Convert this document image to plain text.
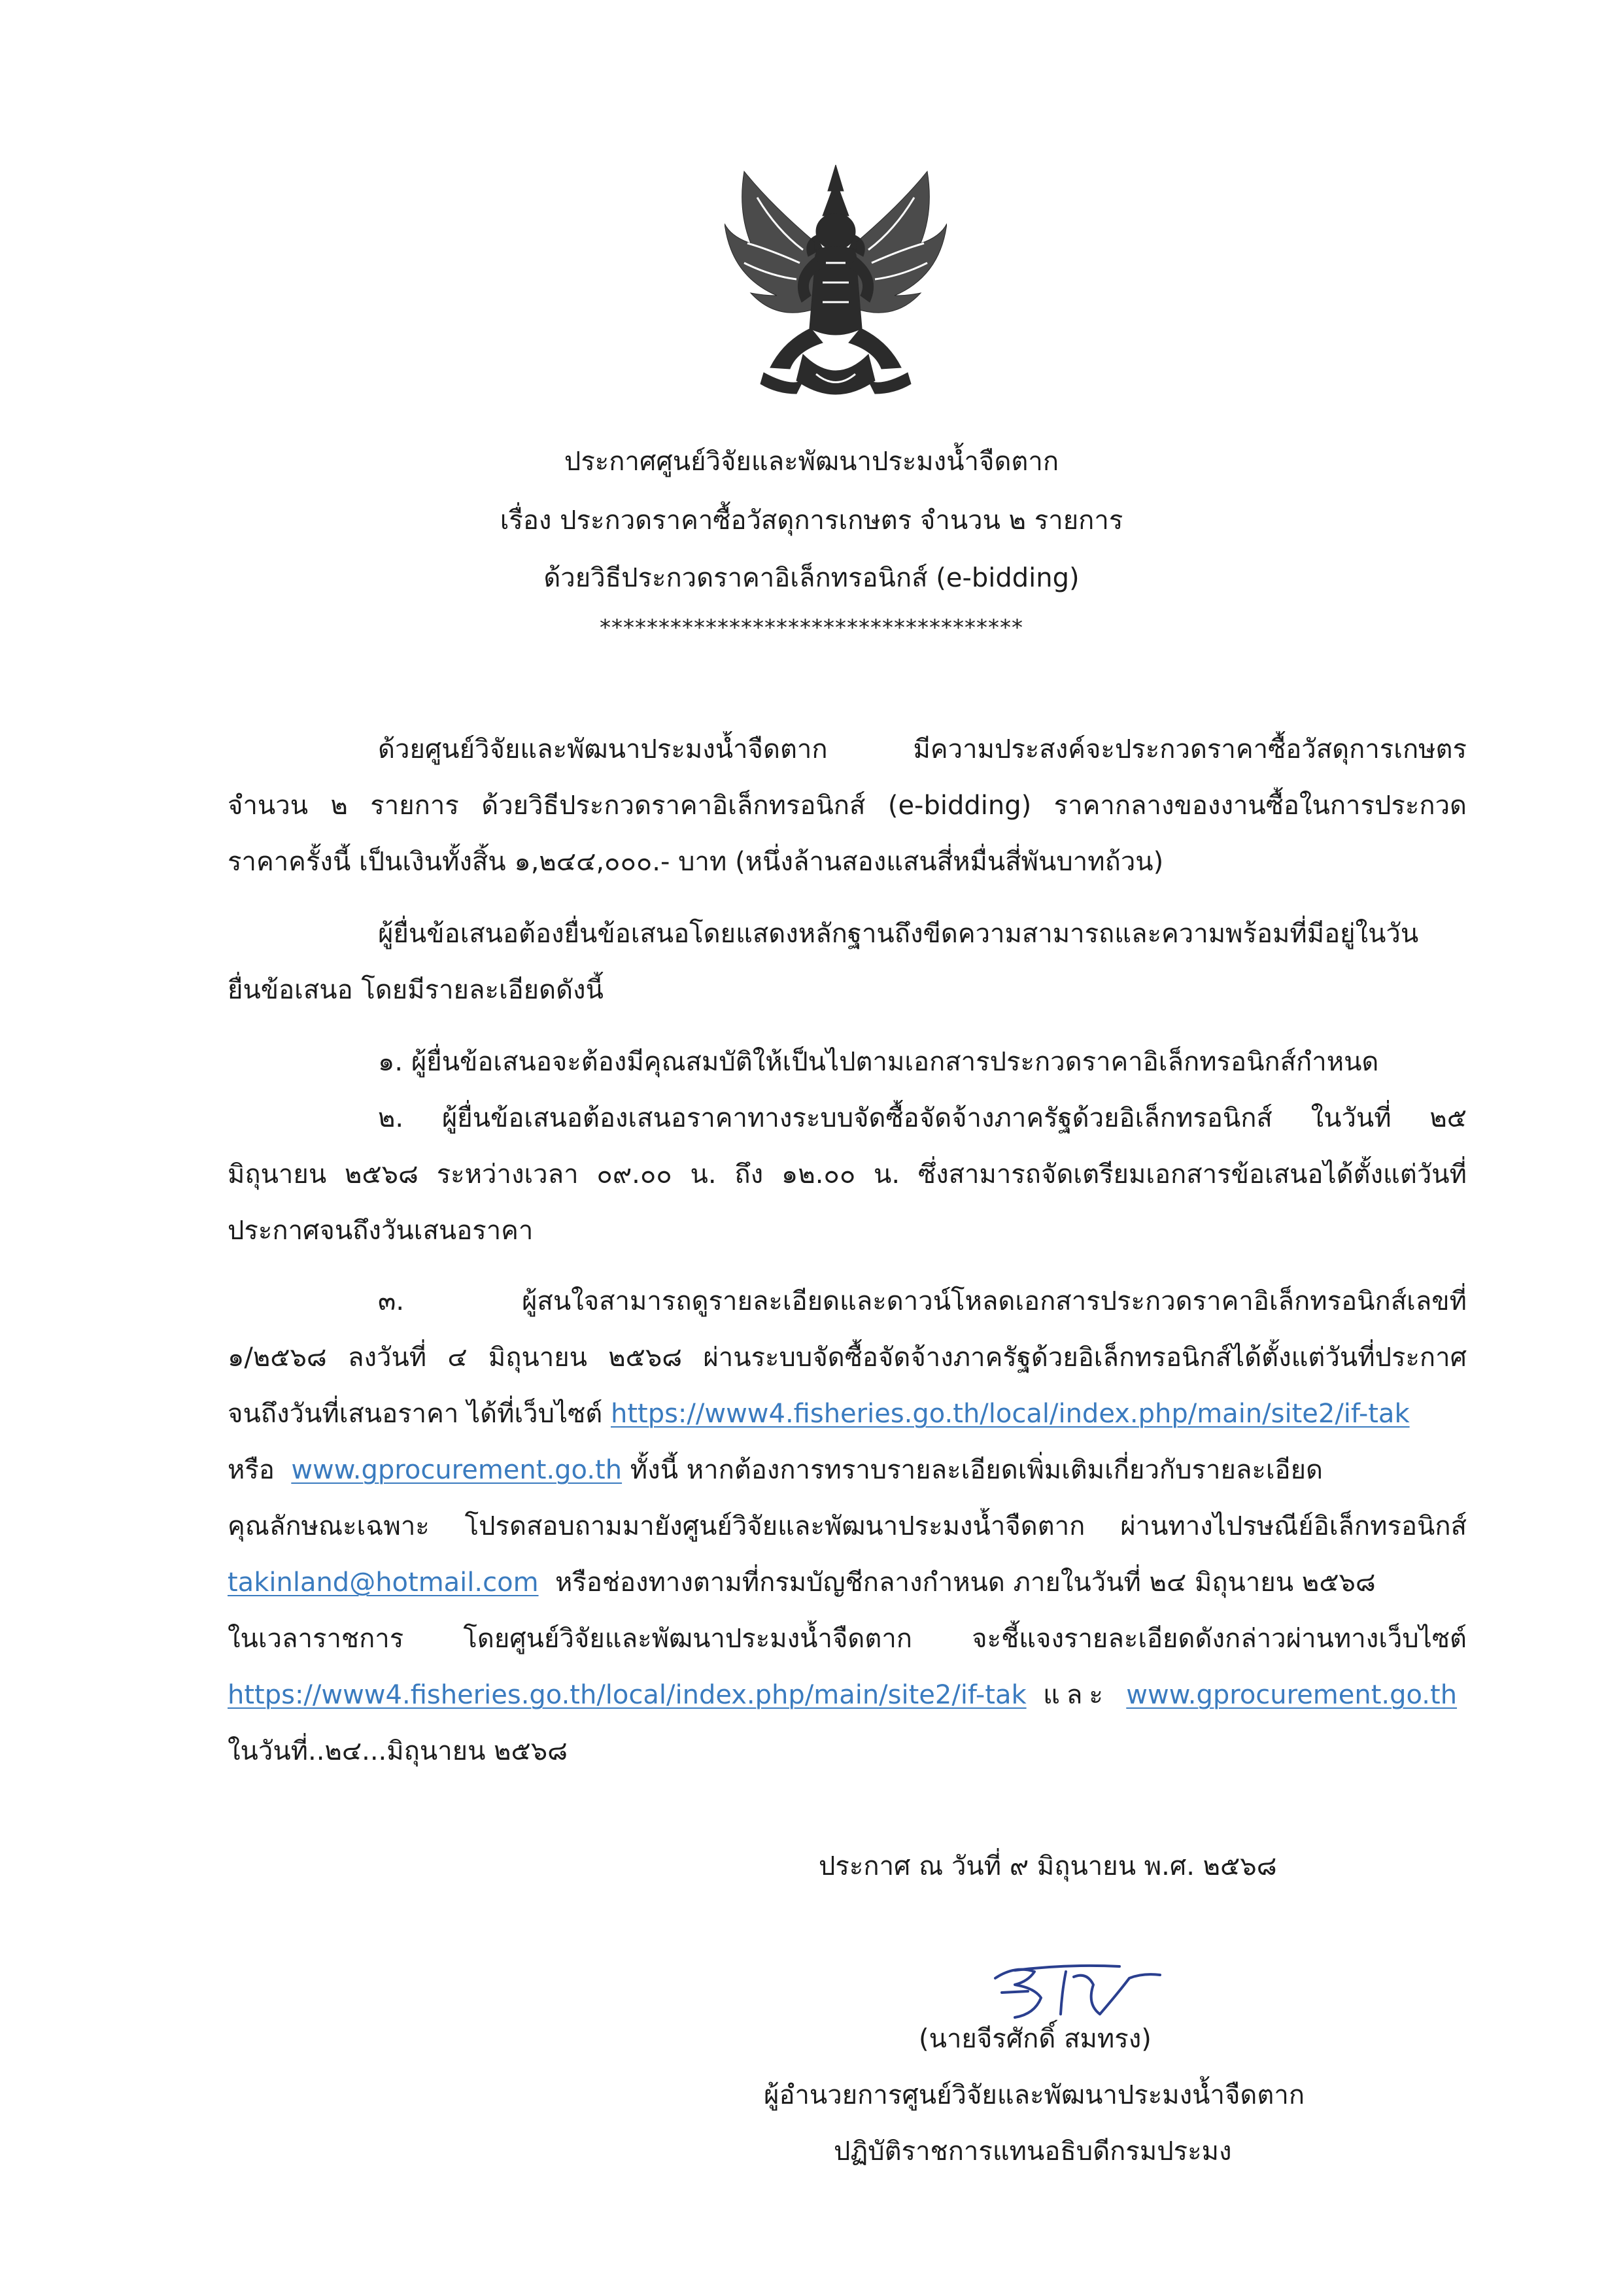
ประกาศศูนย์วิจัยและพัฒนาประมงน้ำจืดตาก
เรื่อง ประกวดราคาซื้อวัสดุการเกษตร จำนวน ๒ รายการ
ด้วยวิธีประกวดราคาอิเล็กทรอนิกส์ (e-bidding)
************************************
ด้วยศูนย์วิจัยและพัฒนาประมงน้ำจืดตาก มีความประสงค์จะประกวดราคาซื้อวัสดุการเกษตร
จำนวน ๒ รายการ ด้วยวิธีประกวดราคาอิเล็กทรอนิกส์ (e-bidding) ราคากลางของงานซื้อในการประกวด
ราคาครั้งนี้ เป็นเงินทั้งสิ้น ๑,๒๔๔,๐๐๐.- บาท (หนึ่งล้านสองแสนสี่หมื่นสี่พันบาทถ้วน)
ผู้ยื่นข้อเสนอต้องยื่นข้อเสนอโดยแสดงหลักฐานถึงขีดความสามารถและความพร้อมที่มีอยู่ในวัน
ยื่นข้อเสนอ โดยมีรายละเอียดดังนี้
๑. ผู้ยื่นข้อเสนอจะต้องมีคุณสมบัติให้เป็นไปตามเอกสารประกวดราคาอิเล็กทรอนิกส์กำหนด
๒. ผู้ยื่นข้อเสนอต้องเสนอราคาทางระบบจัดซื้อจัดจ้างภาครัฐด้วยอิเล็กทรอนิกส์ ในวันที่ ๒๕
มิถุนายน ๒๕๖๘ ระหว่างเวลา ๐๙.๐๐ น. ถึง ๑๒.๐๐ น. ซึ่งสามารถจัดเตรียมเอกสารข้อเสนอได้ตั้งแต่วันที่
ประกาศจนถึงวันเสนอราคา
๓. ผู้สนใจสามารถดูรายละเอียดและดาวน์โหลดเอกสารประกวดราคาอิเล็กทรอนิกส์เลขที่
๑/๒๕๖๘ ลงวันที่ ๔ มิถุนายน ๒๕๖๘ ผ่านระบบจัดซื้อจัดจ้างภาครัฐด้วยอิเล็กทรอนิกส์ได้ตั้งแต่วันที่ประกาศ
จนถึงวันที่เสนอราคา ได้ที่เว็บไซต์ https://www4.fisheries.go.th/local/index.php/main/site2/if-tak
หรือ www.gprocurement.go.th ทั้งนี้ หากต้องการทราบรายละเอียดเพิ่มเติมเกี่ยวกับรายละเอียด
คุณลักษณะเฉพาะ โปรดสอบถามมายังศูนย์วิจัยและพัฒนาประมงน้ำจืดตาก ผ่านทางไปรษณีย์อิเล็กทรอนิกส์
takinland@hotmail.com หรือช่องทางตามที่กรมบัญชีกลางกำหนด ภายในวันที่ ๒๔ มิถุนายน ๒๕๖๘
ในเวลาราชการ โดยศูนย์วิจัยและพัฒนาประมงน้ำจืดตาก จะชี้แจงรายละเอียดดังกล่าวผ่านทางเว็บไซต์
https://www4.fisheries.go.th/local/index.php/main/site2/if-tak และ www.gprocurement.go.th
ในวันที่..๒๔...มิถุนายน ๒๕๖๘
ประกาศ ณ วันที่ ๙ มิถุนายน พ.ศ. ๒๕๖๘
(นายจีรศักดิ์ สมทรง)
ผู้อำนวยการศูนย์วิจัยและพัฒนาประมงน้ำจืดตาก
ปฏิบัติราชการแทนอธิบดีกรมประมง
